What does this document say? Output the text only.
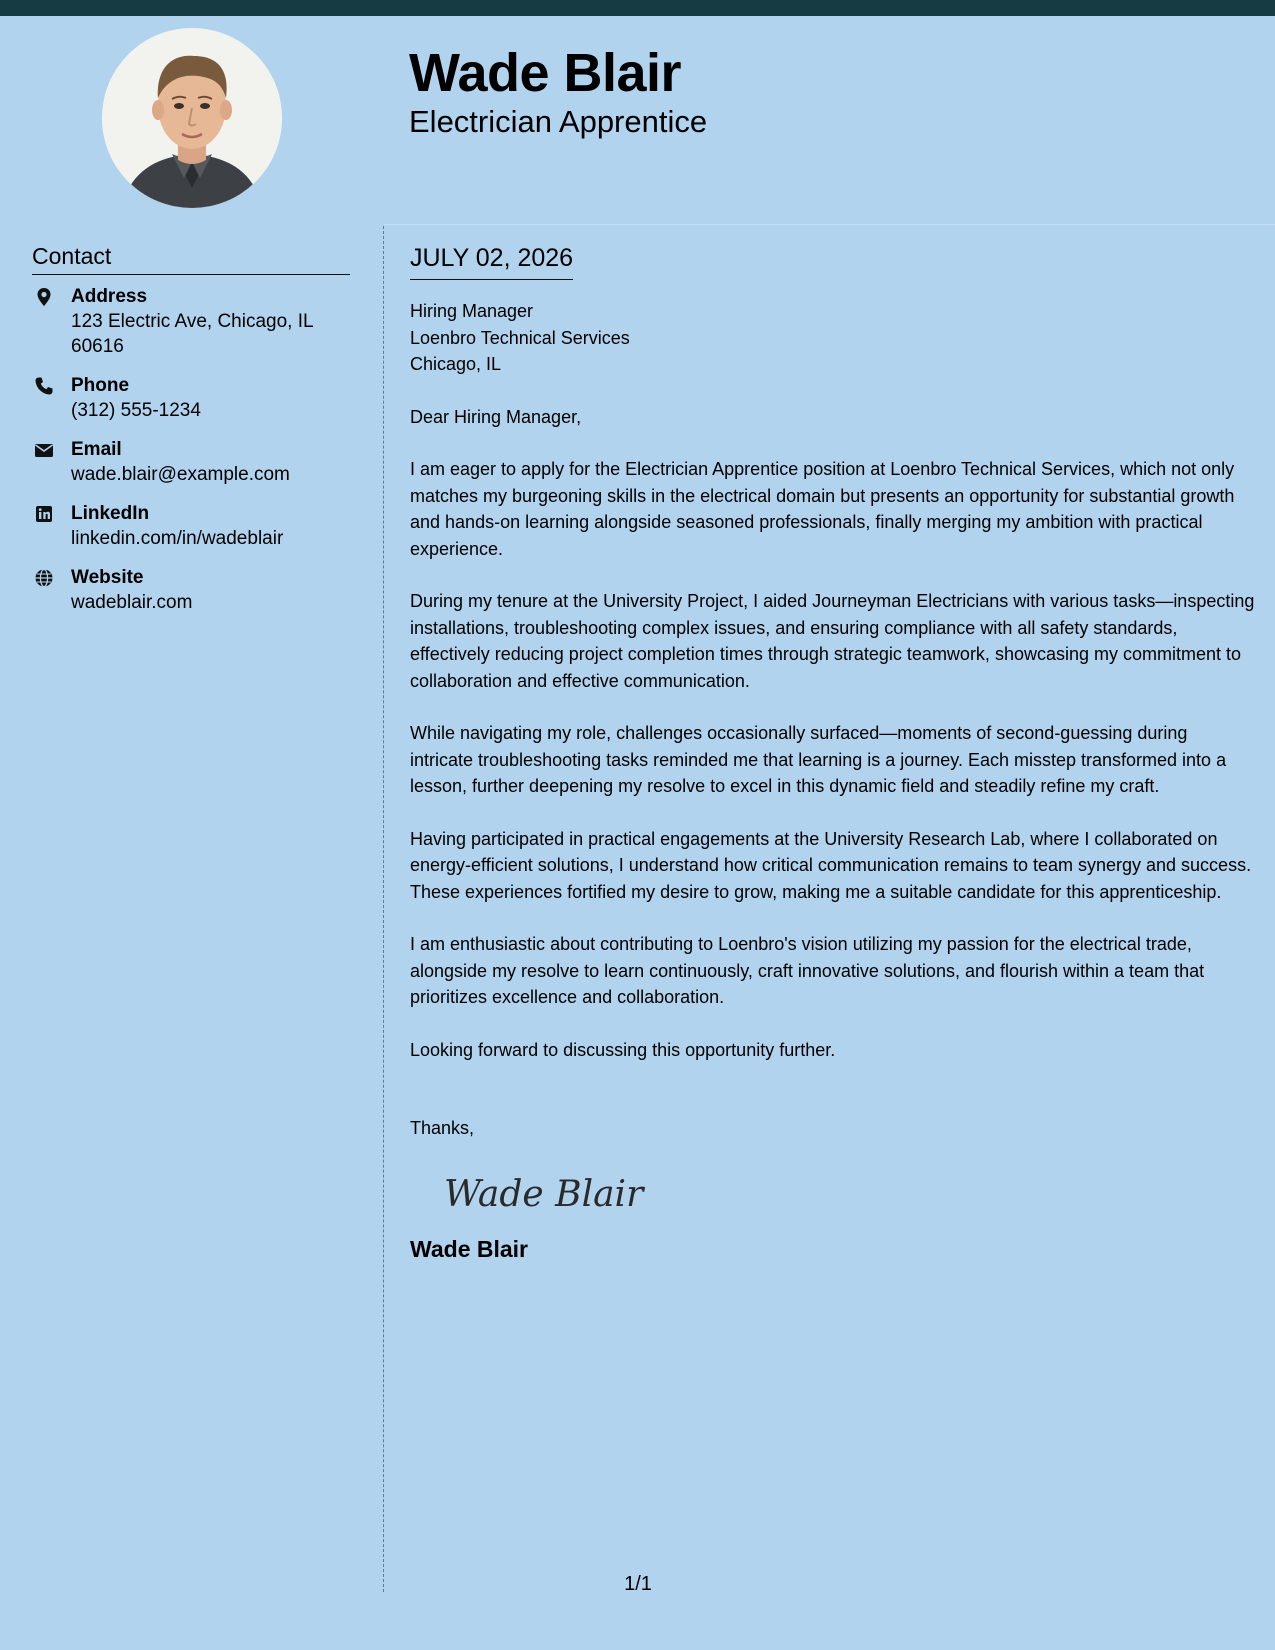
Wade Blair
Electrician Apprentice
Contact
Address
123 Electric Ave, Chicago, IL 60616
Phone
(312) 555-1234
Email
wade.blair@example.com
LinkedIn
linkedin.com/in/wadeblair
Website
wadeblair.com
JULY 02, 2026
Hiring Manager
Loenbro Technical Services
Chicago, IL
Dear Hiring Manager,
I am eager to apply for the Electrician Apprentice position at Loenbro Technical Services, which not only matches my burgeoning skills in the electrical domain but presents an opportunity for substantial growth and hands-on learning alongside seasoned professionals, finally merging my ambition with practical experience.
During my tenure at the University Project, I aided Journeyman Electricians with various tasks—inspecting installations, troubleshooting complex issues, and ensuring compliance with all safety standards, effectively reducing project completion times through strategic teamwork, showcasing my commitment to collaboration and effective communication.
While navigating my role, challenges occasionally surfaced—moments of second-guessing during intricate troubleshooting tasks reminded me that learning is a journey. Each misstep transformed into a lesson, further deepening my resolve to excel in this dynamic field and steadily refine my craft.
Having participated in practical engagements at the University Research Lab, where I collaborated on energy-efficient solutions, I understand how critical communication remains to team synergy and success. These experiences fortified my desire to grow, making me a suitable candidate for this apprenticeship.
I am enthusiastic about contributing to Loenbro's vision utilizing my passion for the electrical trade, alongside my resolve to learn continuously, craft innovative solutions, and flourish within a team that prioritizes excellence and collaboration.
Looking forward to discussing this opportunity further.
Thanks,
Wade Blair
Wade Blair
1/1
